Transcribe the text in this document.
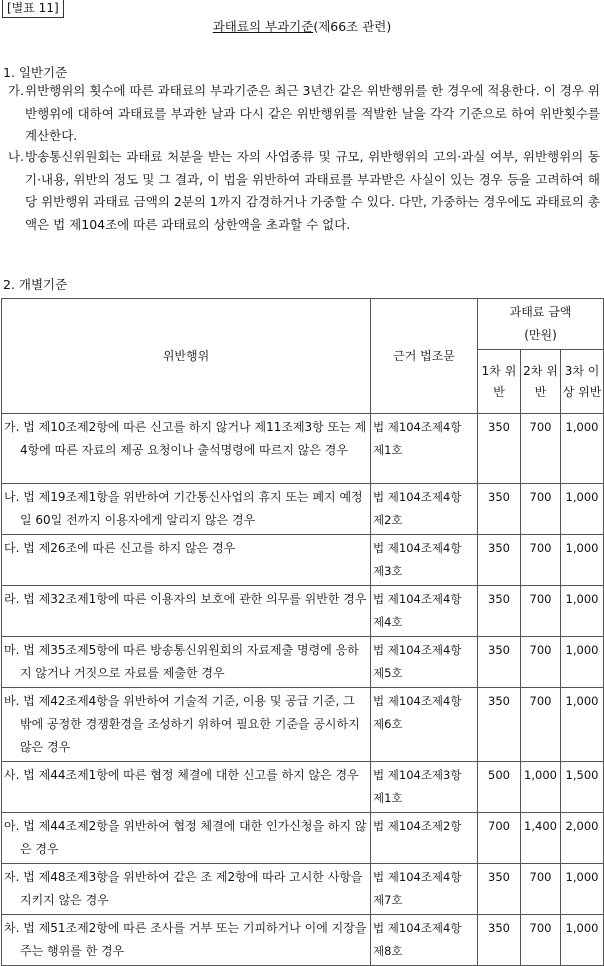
[별표 11]
과태료의 부과기준(제66조 관련)
1. 일반기준
가. 위반행위의 횟수에 따른 과태료의 부과기준은 최근 3년간 같은 위반행위를 한 경우에 적용한다. 이 경우 위반행위에 대하여 과태료를 부과한 날과 다시 같은 위반행위를 적발한 날을 각각 기준으로 하여 위반횟수를 계산한다.
나. 방송통신위원회는 과태료 처분을 받는 자의 사업종류 및 규모, 위반행위의 고의·과실 여부, 위반행위의 동기·내용, 위반의 정도 및 그 결과, 이 법을 위반하여 과태료를 부과받은 사실이 있는 경우 등을 고려하여 해당 위반행위 과태료 금액의 2분의 1까지 감경하거나 가중할 수 있다. 다만, 가중하는 경우에도 과태료의 총액은 법 제104조에 따른 과태료의 상한액을 초과할 수 없다.
2. 개별기준
위반행위	근거 법조문	과태료 금액
(만원)		

		1차 위반	2차 위반	3차 이상 위반
가. 법 제10조제2항에 따른 신고를 하지 않거나 제11조제3항 또는 제4항에 따른 자료의 제공 요청이나 출석명령에 따르지 않은 경우	법 제104조제4항 제1호	350	700	1,000
나. 법 제19조제1항을 위반하여 기간통신사업의 휴지 또는 폐지 예정일 60일 전까지 이용자에게 알리지 않은 경우	법 제104조제4항 제2호	350	700	1,000
다. 법 제26조에 따른 신고를 하지 않은 경우	법 제104조제4항 제3호	350	700	1,000
라. 법 제32조제1항에 따른 이용자의 보호에 관한 의무를 위반한 경우	법 제104조제4항 제4호	350	700	1,000
마. 법 제35조제5항에 따른 방송통신위원회의 자료제출 명령에 응하지 않거나 거짓으로 자료를 제출한 경우	법 제104조제4항 제5호	350	700	1,000
바. 법 제42조제4항을 위반하여 기술적 기준, 이용 및 공급 기준, 그 밖에 공정한 경쟁환경을 조성하기 위하여 필요한 기준을 공시하지 않은 경우	법 제104조제4항 제6호	350	700	1,000
사. 법 제44조제1항에 따른 협정 체결에 대한 신고를 하지 않은 경우	법 제104조제3항 제1호	500	1,000	1,500
아. 법 제44조제2항을 위반하여 협정 체결에 대한 인가신청을 하지 않은 경우	법 제104조제2항	700	1,400	2,000
자. 법 제48조제3항을 위반하여 같은 조 제2항에 따라 고시한 사항을 지키지 않은 경우	법 제104조제4항 제7호	350	700	1,000
차. 법 제51조제2항에 따른 조사를 거부 또는 기피하거나 이에 지장을 주는 행위를 한 경우	법 제104조제4항 제8호	350	700	1,000
